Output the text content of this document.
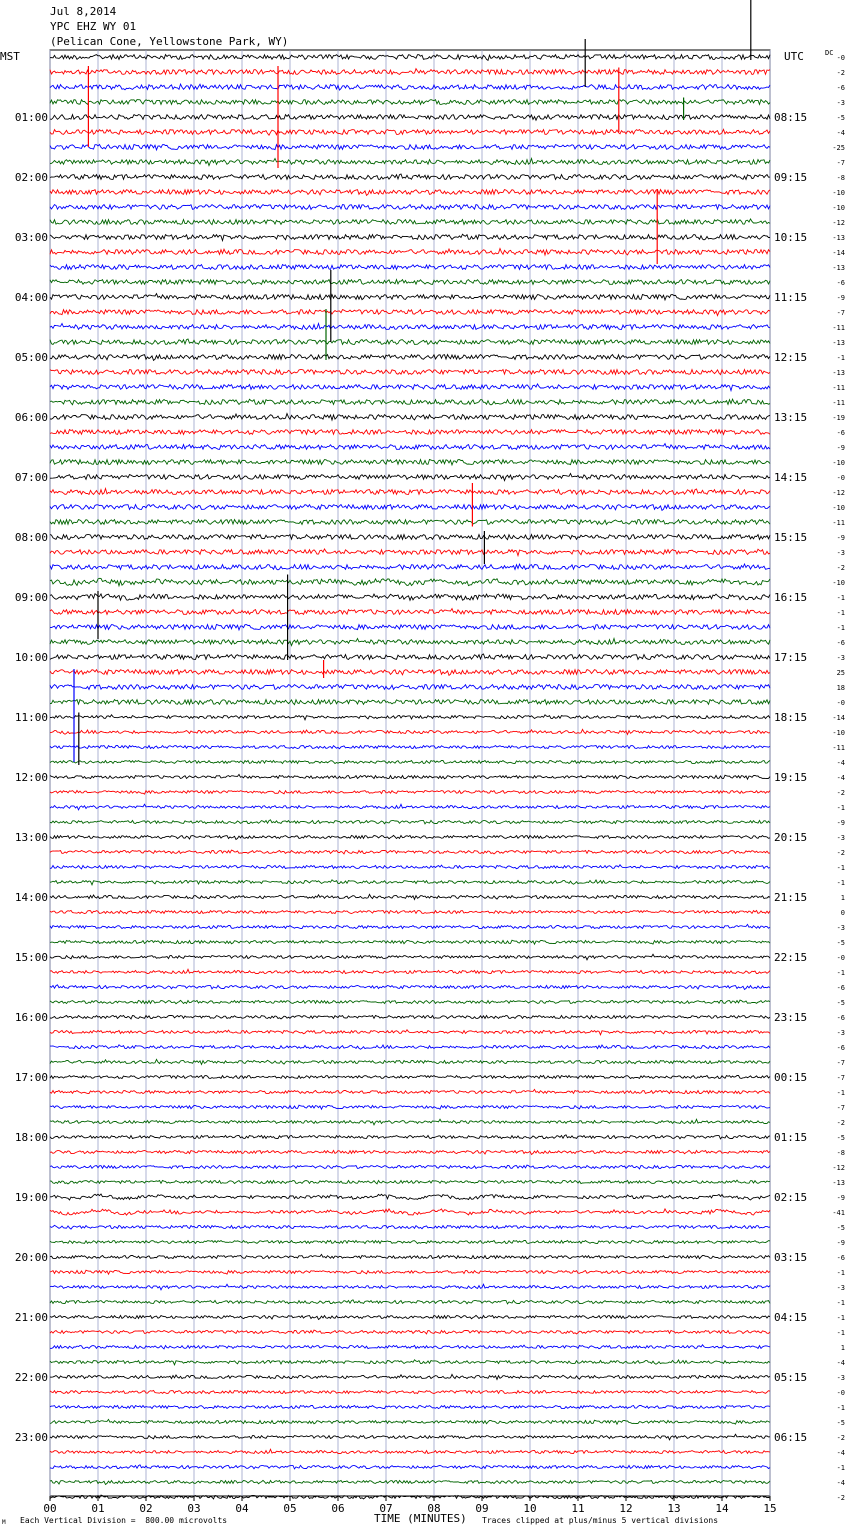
Jul 8,2014
YPC EHZ WY 01
(Pelican Cone, Yellowstone Park, WY)
MST	UTC	DC
01:00
02:00
03:00
04:00
05:00
06:00
07:00
08:00
09:00
10:00
11:00
12:00
13:00
14:00
15:00
16:00
17:00
18:00
19:00
20:00
21:00
22:00
23:00
08:15
09:15
10:15
11:15
12:15
13:15
14:15
15:15
16:15
17:15
18:15
19:15
20:15
21:15
22:15
23:15
00:15
01:15
02:15
03:15
04:15
05:15
06:15
-0
-2
-6
-3
-5
-4
-25
-7
-8
-10
-10
-12
-13
-14
-13
-6
-9
-7
-11
-13
-1
-13
-11
-11
-19
-6
-9
-10
-0
-12
-10
-11
-9
-3
-2
-10
-1
-1
-1
-6
-3
25
18
-0
-14
-10
-11
-4
-4
-2
-1
-9
-3
-2
-1
-1
1
0
-3
-5
-0
-1
-6
-5
-6
-3
-6
-7
-7
-1
-7
-2
-5
-8
-12
-13
-9
-41
-5
-9
-6
-1
-3
-1
-1
-1
1
-4
-3
-0
-1
-5
-2
-4
-1
-4
-2
00	01	02	03	04	05	06	07	08	09	10	11	12	13	14	15
M Each Vertical Division =  800.00 microvolts	TIME (MINUTES) Traces clipped at plus/minus 5 vertical divisions
